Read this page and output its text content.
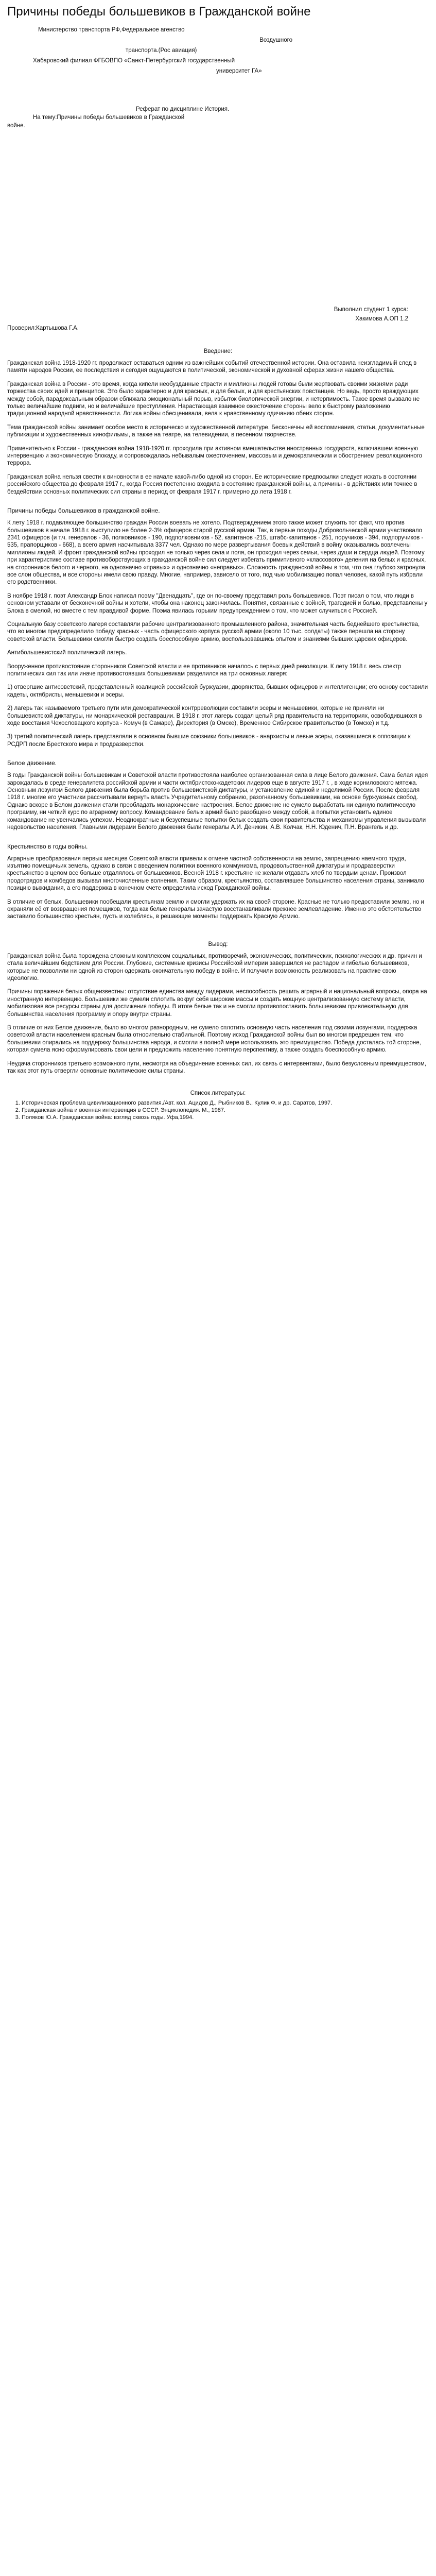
Причины победы большевиков в Гражданской войне
Министерство транспорта РФ,Федеральное агенство
Воздушного
транспорта.(Рос авиация)
Хабаровский филиал ФГБОВПО «Санкт-Петербургский государственный
университет ГА»
Реферат по дисциплине История.
На тему:Причины победы большевиков в Гражданской
войне.
Выполнил студент 1 курса:
Хакимова А.ОП 1.2
Проверил:Картышова Г.А.
Введение:

Гражданская война 1918-1920 гг. продолжает оставаться одним из важнейших событий отечественной истории. Она оставила неизгладимый след в памяти народов России, ее последствия и сегодня ощущаются в политической, экономической и духовной сферах жизни нашего общества.

Гражданская война в России - это время, когда кипели необузданные страсти и миллионы людей готовы были жертвовать своими жизнями ради торжества своих идей и принципов. Это было характерно и для красных, и для белых, и для крестьянских повстанцев. Но ведь, просто враждующих между собой, парадоксальным образом сближала эмоциональный порыв, избыток биологической энергии, и нетерпимость. Такое время вызвало не только величайшие подвиги, но и величайшие преступления. Нарастающая взаимное ожесточение стороны вело к быстрому разложению традиционной народной нравственности. Логика войны обесценивала, вела к нравственному одичанию обеих сторон.

Тема гражданской войны занимает особое место в историческо и художественной литературе. Бесконечны ей воспоминания, статьи, документальные публикации и художественных кинофильмы, а также на театре, на телевидении, в песенном творчестве.

Применительно к России - гражданская война 1918-1920 гг. проходила при активном вмешательстве иностранных государств, включавшем военную интервенцию и экономическую блокаду, и сопровождалась небывалым ожесточением, массовым и демократическим и обострением революционного террора.

Гражданская война нельзя свести к виновности в ее начале какой-либо одной из сторон. Ее исторические предпосылки следует искать в состоянии российского общества до февраля 1917 г., когда Россия постепенно входила в состояние гражданской войны, а причины - в действиях или точнее в бездействии основных политических сил страны в период от февраля 1917 г. примерно до лета 1918 г.

Причины победы большевиков в гражданской войне.

К лету 1918 г. подавляющее большинство граждан России воевать не хотело. Подтверждением этого также может служить тот факт, что против большевиков в начале 1918 г. выступило не более 2-3% офицеров старой русской армии. Так, в первые походы Добровольческой армии участвовало 2341 офицеров (и т.ч. генералов - 36, полковников - 190, подполковников - 52, капитанов -215, штабс-капитанов - 251, поручиков - 394, подпоручиков - 535, прапорщиков - 668), а всего армия насчитывала 3377 чел. Однако по мере развертывания боевых действий в войну оказывались вовлечены миллионы людей. И фронт гражданской войны проходил не только через села и поля, он проходил через семьи, через души и сердца людей. Поэтому при характеристике составе противоборствующих в гражданской войне сил следует избегать примитивного «классового» деления на белых и красных, на сторонников белого и черного, на однозначно «правых» и однозначно «неправых». Сложность гражданской войны в том, что она глубоко затронула все слои общества, и все стороны имели свою правду. Многие, например, зависело от того, под чью мобилизацию попал человек, какой путь избрали его родственники.

В ноябре 1918 г. поэт Александр Блок написал поэму "Двенадцать", где он по-своему представил роль большевиков. Поэт писал о том, что люди в основном уставали от бесконечной войны и хотели, чтобы она наконец закончилась. Понятия, связанные с войной, трагедией и болью, представлены у Блока в смелой, но вместе с тем правдивой форме. Поэма явилась горьким предупреждением о том, что может случиться с Россией.

Социальную базу советского лагеря составляли рабочие централизованного промышленного района, значительная часть беднейшего крестьянства, что во многом предопределило победу красных - часть офицерского корпуса русской армии (около 10 тыс. солдаты) также перешла на сторону советской власти. Большевики смогли быстро создать боеспособную армию, воспользовавшись опытом и знаниями бывших царских офицеров.

Антибольшевистский политический лагерь.

Вооруженное противостояние сторонников Советской власти и ее противников началось с первых дней революции. К лету 1918 г. весь спектр политических сил так или иначе противостоявших большевикам разделился на три основных лагеря:

1) отвергшие антисоветский, представленный коалицией российской буржуазии, дворянства, бывших офицеров и интеллигенции; его основу составили кадеты, октябристы, меньшевики и эсеры.
2) лагерь так называемого третьего пути или демократической контрреволюции составили эсеры и меньшевики, которые не приняли ни большевистской диктатуры, ни монархической реставрации. В 1918 г. этот лагерь создал целый ряд правительств на территориях, освободившихся в ходе восстания Чехословацкого корпуса - Комуч (в Самаре), Директория (в Омске), Временное Сибирское правительство (в Томске) и т.д.
3) третий политический лагерь представляли в основном бывшие союзники большевиков - анархисты и левые эсеры, оказавшиеся в оппозиции к РСДРП после Брестского мира и продразверстки.
Белое движение.

В годы Гражданской войны большевикам и Советской власти противостояла наиболее организованная сила в лице Белого движения. Сама белая идея зарождалась в среде генералитета российской армии и части октябристско-кадетских лидеров еще в августе 1917 г. , в ходе корниловского мятежа. Основным лозунгом Белого движения была борьба против большевистской диктатуры, и установление единой и неделимой России. После февраля 1918 г. многие его участники рассчитывали вернуть власть Учредительному собранию, разогнанному большевиками, на основе буржуазных свобод. Однако вскоре в Белом движении стали преобладать монархические настроения. Белое движение не сумело выработать ни единую политическую программу, ни четкий курс по аграрному вопросу. Командование белых армий было разобщено между собой, а попытки установить единое командование не увенчались успехом. Неоднократные и безуспешные попытки белых создать свои правительства и механизмы управления вызывали недовольство населения. Главными лидерами Белого движения были генералы А.И. Деникин, А.В. Колчак, Н.Н. Юденич, П.Н. Врангель и др.

Крестьянство в годы войны.

Аграрные преобразования первых месяцев Советской власти привели к отмене частной собственности на землю, запрещению наемного труда, изъятию помещичьих земель, однако в связи с введением политики военного коммунизма, продовольственной диктатуры и продразверстки крестьянство в целом все больше отдалялось от большевиков. Весной 1918 г. крестьяне не желали отдавать хлеб по твердым ценам. Произвол продотрядов и комбедов вызывал многочисленные волнения. Таким образом, крестьянство, составлявшее большинство населения страны, занимало позицию выжидания, а его поддержка в конечном счете определила исход Гражданской войны.

В отличие от белых, большевики пообещали крестьянам землю и смогли удержать их на своей стороне. Красные не только предоставили землю, но и охраняли её от возвращения помещиков, тогда как белые генералы зачастую восстанавливали прежнее землевладение. Именно это обстоятельство заставило большинство крестьян, пусть и колеблясь, в решающие моменты поддержать Красную Армию.

Вывод:

Гражданская война была порождена сложным комплексом социальных, противоречий, экономических, политических, психологических и др. причин и стала величайшим бедствием для России. Глубокие, системные кризисы Российской империи завершился не распадом и гибелью большевиков, которые не позволили ни одной из сторон одержать окончательную победу в войне. И получили возможность реализовать на практике свою идеологию.

Причины поражения белых общеизвестны: отсутствие единства между лидерами, неспособность решить аграрный и национальный вопросы, опора на иностранную интервенцию. Большевики же сумели сплотить вокруг себя широкие массы и создать мощную централизованную систему власти, мобилизовав все ресурсы страны для достижения победы. В итоге белые так и не смогли противопоставить большевикам привлекательную для большинства населения программу и опору внутри страны.

В отличие от них Белое движение, было во многом разнородным, не сумело сплотить основную часть населения под своими лозунгами, поддержка советской власти населением красным была относительно стабильной. Поэтому исход Гражданской войны был во многом предрешен тем, что большевики опирались на поддержку большинства народа, и смогли в полной мере использовать это преимущество. Победа досталась той стороне, которая сумела ясно сформулировать свои цели и предложить населению понятную перспективу, а также создать боеспособную армию.

Неудача сторонников третьего возможного пути, несмотря на объединение военных сил, их связь с интервентами, было безусловным преимуществом, так как этот путь отвергли основные политические силы страны.

Список литературы:
1. Историческая проблема цивилизационного развития./Авт. кол. Ацидов Д., Рыбников В., Кулик Ф. и др. Саратов, 1997.
2. Гражданская война и военная интервенция в СССР. Энциклопедия. М., 1987.
3. Поляков Ю.А. Гражданская война: взгляд сквозь годы. Уфа,1994.
